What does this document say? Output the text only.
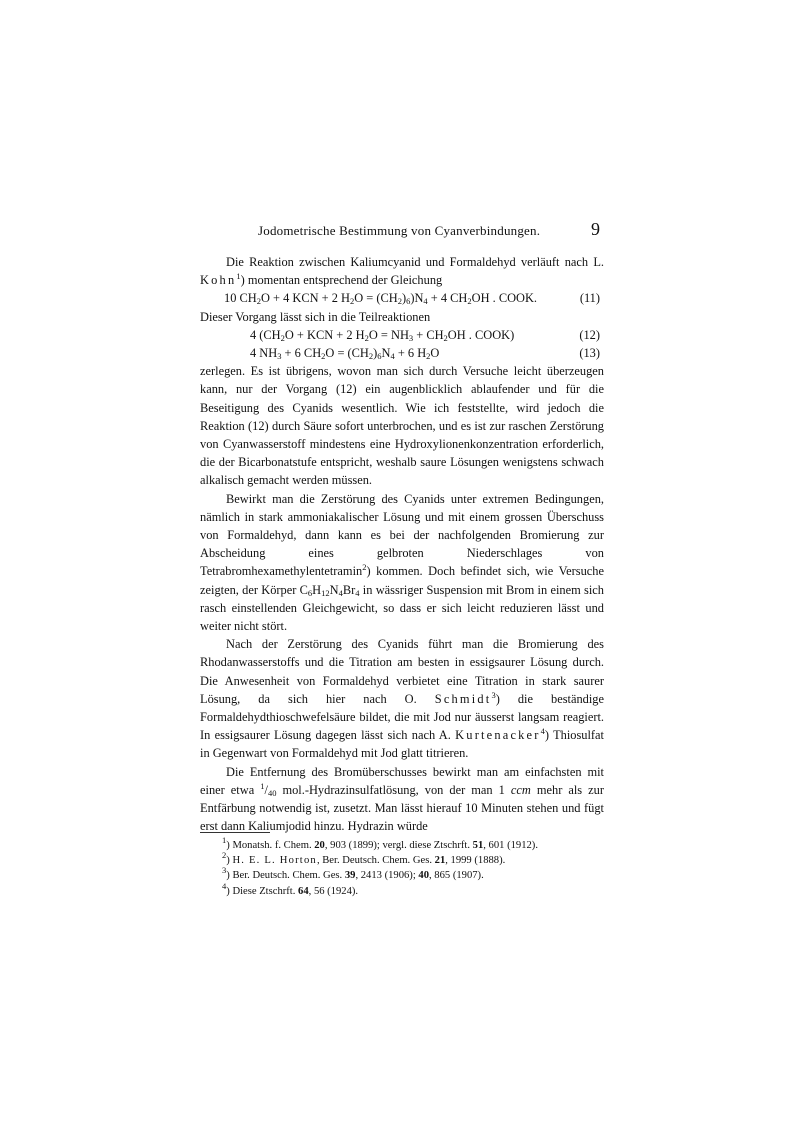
Jodometrische Bestimmung von Cyanverbindungen.	9

Die Reaktion zwischen Kaliumcyanid und Formaldehyd verläuft nach L. Kohn$^1$) momentan entsprechend der Gleichung

10 $CH_2O + 4$ KCN + 2 $H_2O = (CH_2)_6)N_4 + 4$ $CH_2OH$ . COOK.	(11)

Dieser Vorgang lässt sich in die Teilreaktionen

4 ($CH_2O$ + KCN + 2 $H_2O = NH_3 + CH_2OH$ . COOK)	(12)
4 $NH_3 + 6$ $CH_2O = (CH_2)_6N_4 + 6$ $H_2O$	(13)

zerlegen. Es ist übrigens, wovon man sich durch Versuche leicht überzeugen kann, nur der Vorgang (12) ein augenblicklich ablaufender und für die Beseitigung des Cyanids wesentlich. Wie ich feststellte, wird jedoch die Reaktion (12) durch Säure sofort unterbrochen, und es ist zur raschen Zerstörung von Cyanwasserstoff mindestens eine Hydroxylionenkonzentration erforderlich, die der Bicarbonatstufe entspricht, weshalb saure Lösungen wenigstens schwach alkalisch gemacht werden müssen.

Bewirkt man die Zerstörung des Cyanids unter extremen Bedingungen, nämlich in stark ammoniakalischer Lösung und mit einem grossen Überschuss von Formaldehyd, dann kann es bei der nachfolgenden Bromierung zur Abscheidung eines gelbroten Niederschlages von Tetrabromhexamethylentetramin$^2$) kommen. Doch befindet sich, wie Versuche zeigten, der Körper $C_6H_{12}N_4Br_4$ in wässriger Suspension mit Brom in einem sich rasch einstellenden Gleichgewicht, so dass er sich leicht reduzieren lässt und weiter nicht stört.

Nach der Zerstörung des Cyanids führt man die Bromierung des Rhodanwasserstoffs und die Titration am besten in essigsaurer Lösung durch. Die Anwesenheit von Formaldehyd verbietet eine Titration in stark saurer Lösung, da sich hier nach O. Schmidt$^3$) die beständige Formaldehydthioschwefelsäure bildet, die mit Jod nur äusserst langsam reagiert. In essigsaurer Lösung dagegen lässt sich nach A. Kurtenacker$^4$) Thiosulfat in Gegenwart von Formaldehyd mit Jod glatt titrieren.

Die Entfernung des Bromüberschusses bewirkt man am einfachsten mit einer etwa $^1/_{40}$ mol.-Hydrazinsulfatlösung, von der man 1 ccm mehr als zur Entfärbung notwendig ist, zusetzt. Man lässt hierauf 10 Minuten stehen und fügt erst dann Kaliumjodid hinzu. Hydrazin würde

$^1$) Monatsh. f. Chem. 20, 903 (1899); vergl. diese Ztschrft. 51, 601 (1912).

$^2$) H. E. L. Horton, Ber. Deutsch. Chem. Ges. 21, 1999 (1888).

$^3$) Ber. Deutsch. Chem. Ges. 39, 2413 (1906); 40, 865 (1907).

$^4$) Diese Ztschrft. 64, 56 (1924).
